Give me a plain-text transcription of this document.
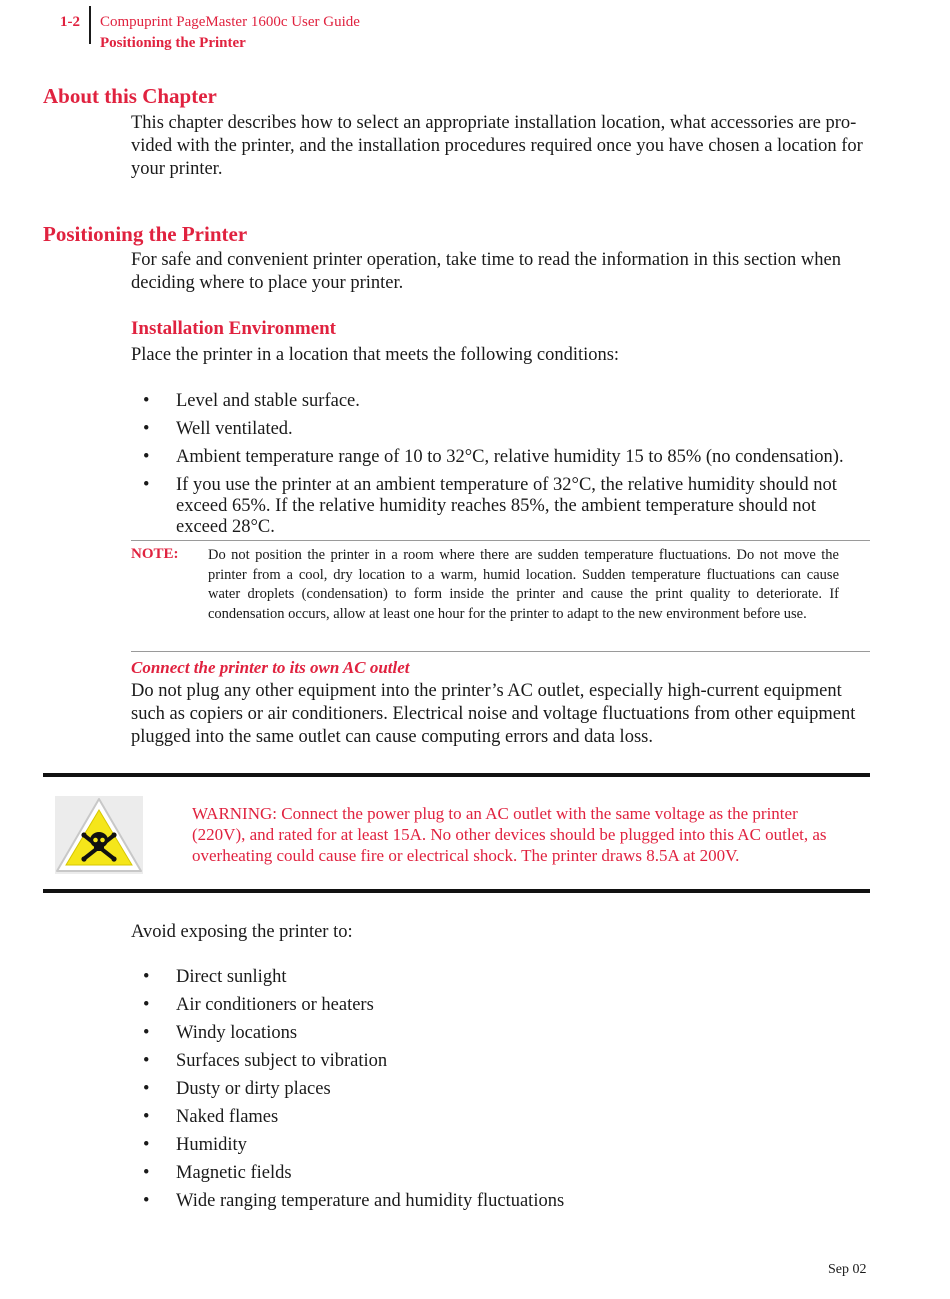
1-2 Compuprint PageMaster 1600c User Guide
Positioning the Printer
About this Chapter
This chapter describes how to select an appropriate installation location, what accessories are pro-
vided with the printer, and the installation procedures required once you have chosen a location for
your printer.
Positioning the Printer
For safe and convenient printer operation, take time to read the information in this section when
deciding where to place your printer.
Installation Environment
Place the printer in a location that meets the following conditions:
• Level and stable surface.
• Well ventilated.
• Ambient temperature range of 10 to 32°C, relative humidity 15 to 85% (no condensation).
• If you use the printer at an ambient temperature of 32°C, the relative humidity should not
exceed 65%. If the relative humidity reaches 85%, the ambient temperature should not
exceed 28°C.
NOTE: Do not position the printer in a room where there are sudden temperature fluctuations. Do not move the printer from a cool, dry location to a warm, humid location. Sudden temperature fluctuations can cause water droplets (condensation) to form inside the printer and cause the print quality to deteriorate. If condensation occurs, allow at least one hour for the printer to adapt to the new environment before use.
Connect the printer to its own AC outlet
Do not plug any other equipment into the printer’s AC outlet, especially high-current equipment
such as copiers or air conditioners. Electrical noise and voltage fluctuations from other equipment
plugged into the same outlet can cause computing errors and data loss.
WARNING: Connect the power plug to an AC outlet with the same voltage as the printer
(220V), and rated for at least 15A. No other devices should be plugged into this AC outlet, as
overheating could cause fire or electrical shock. The printer draws 8.5A at 200V.
Avoid exposing the printer to:
• Direct sunlight
• Air conditioners or heaters
• Windy locations
• Surfaces subject to vibration
• Dusty or dirty places
• Naked flames
• Humidity
• Magnetic fields
• Wide ranging temperature and humidity fluctuations
Sep 02
